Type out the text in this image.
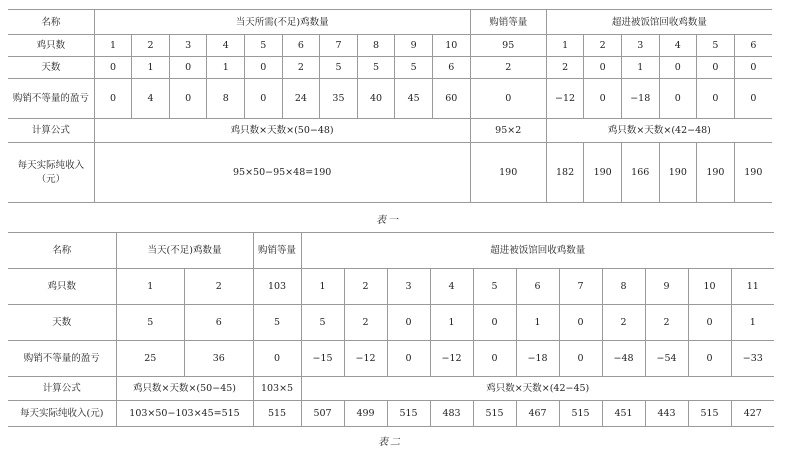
名称	当天所需(不足)鸡数量										购销等量	超进被饭馆回收鸡数量					
鸡只数	1	2	3	4	5	6	7	8	9	10	95	1	2	3	4	5	6
天数	0	1	0	1	0	2	5	5	5	6	2	2	0	1	0	0	0
购销不等量的盈亏	0	4	0	8	0	24	35	40	45	60	0	−12	0	−18	0	0	0
计算公式	鸡只数×天数×(50−48)										95×2	鸡只数×天数×(42−48)					
每天实际纯收入（元）	95×50−95×48=190										190	182	190	166	190	190	190
表一
名称	当天(不足)鸡数量		购销等量	超进被饭馆回收鸡数量										
鸡只数	1	2	103	1	2	3	4	5	6	7	8	9	10	11
天数	5	6	5	5	2	0	1	0	1	0	2	2	0	1
购销不等量的盈亏	25	36	0	−15	−12	0	−12	0	−18	0	−48	−54	0	−33
计算公式	鸡只数×天数×(50−45)		103×5	鸡只数×天数×(42−45)										
每天实际纯收入(元)	103×50−103×45=515		515	507	499	515	483	515	467	515	451	443	515	427
表二
